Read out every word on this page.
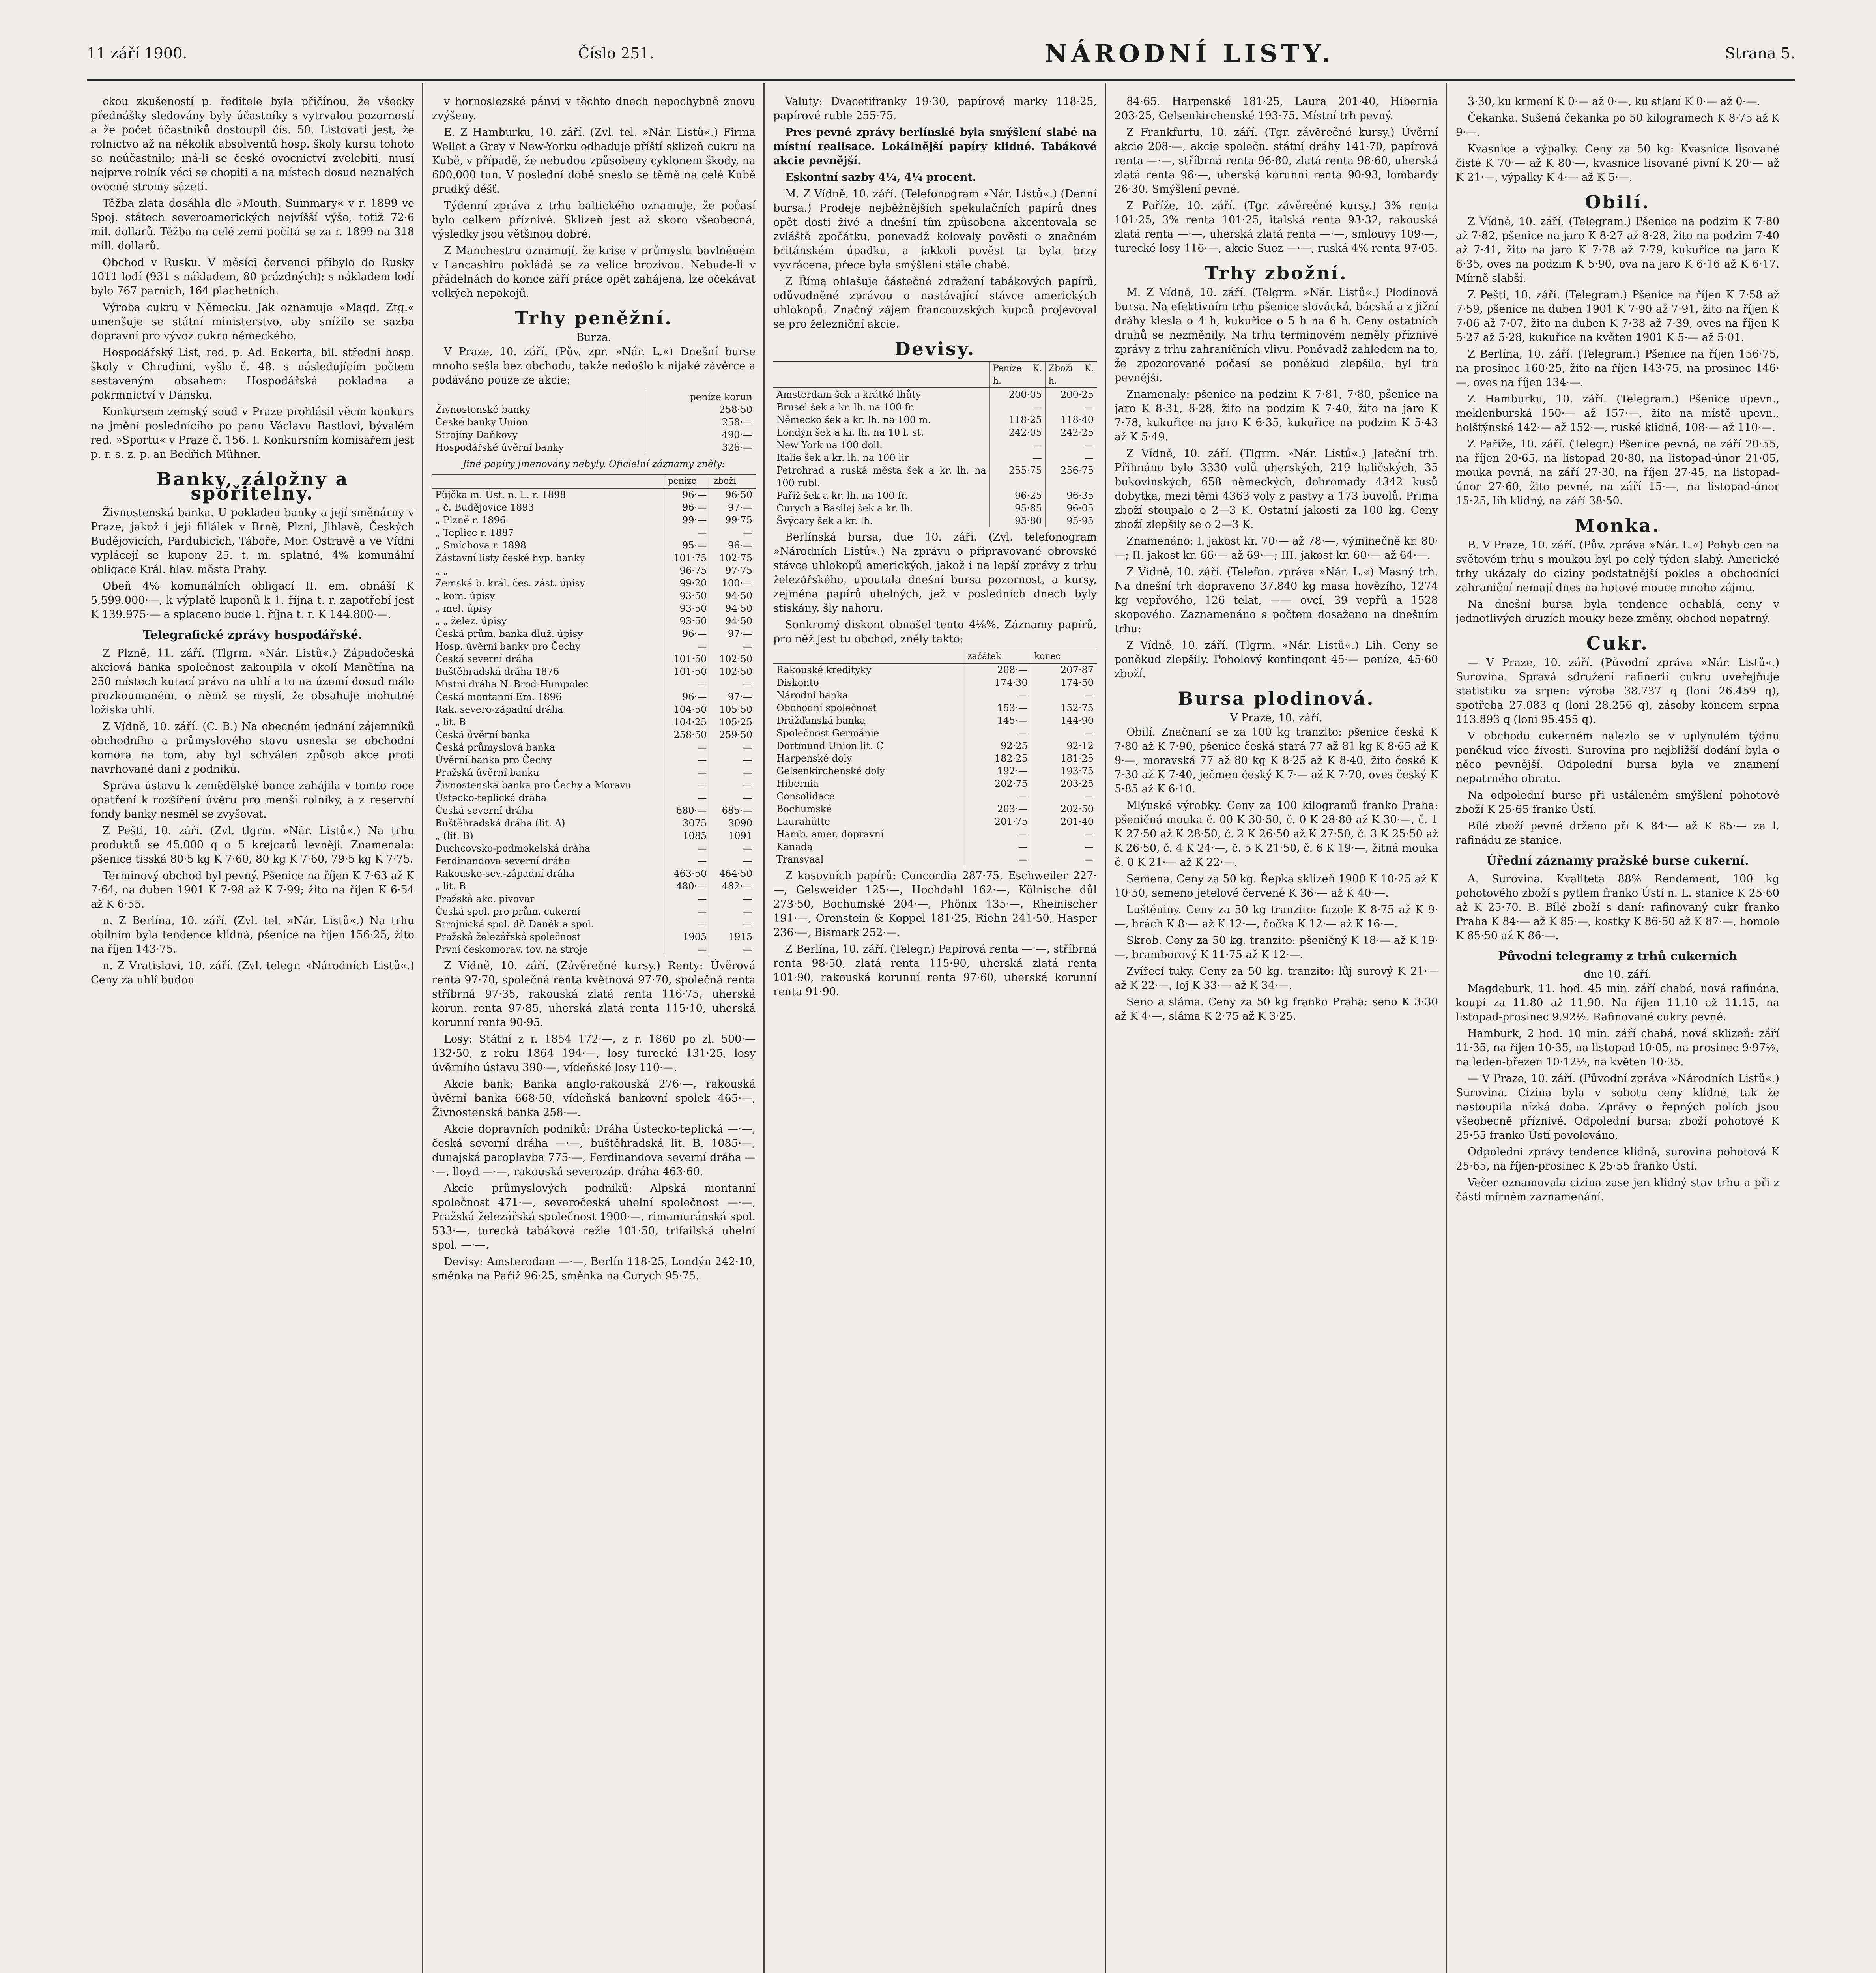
11 září 1900.	Číslo 251.	NÁRODNÍ LISTY.	Strana 5.

ckou zkušeností p. ředitele byla přičínou, že všecky přednášky sledovány byly účastníky s vytrvalou pozorností a že počet účastníků dostoupil čís. 50. Listovati jest, že rolnictvo až na několik absolventů hosp. školy kursu tohoto se neúčastnilo; má-li se české ovocnictví zvelebiti, musí nejprve rolník věci se chopiti a na místech dosud neznalých ovocné stromy sázeti.

Těžba zlata dosáhla dle »Mouth. Summary« v r. 1899 ve Spoj. státech severoamerických nejvíšší výše, totiž 72·6 mil. dollarů. Těžba na celé zemi počítá se za r. 1899 na 318 mill. dollarů.

Obchod v Rusku. V měsíci červenci přibylo do Rusky 1011 lodí (931 s nákladem, 80 prázdných); s nákladem lodí bylo 767 parních, 164 plachetních.

Výroba cukru v Německu. Jak oznamuje »Magd. Ztg.« umenšuje se státní ministerstvo, aby snížilo se sazba dopravní pro vývoz cukru německého.

Hospodářský List, red. p. Ad. Eckerta, bil. středni hosp. školy v Chrudimi, vyšlo č. 48. s následujícím počtem sestaveným obsahem: Hospodářská pokladna a pokrmnictví v Dánsku.

Konkursem zemský soud v Praze prohlásil věcm konkurs na jmění poslednícího po panu Václavu Bastlovi, bývalém red. »Sportu« v Praze č. 156. I. Konkursním komisařem jest p. r. s. z. p. an Bedřich Mühner.

Banky, záložny a spořitelny.

Živnostenská banka. U pokladen banky a její směnárny v Praze, jakož i její filiálek v Brně, Plzni, Jihlavě, Českých Budějovicích, Pardubicích, Táboře, Mor. Ostravě a ve Vídni vyplácejí se kupony 25. t. m. splatné, 4% komunální obligace Král. hlav. města Prahy.

Obeň 4% komunálních obligací II. em. obnáší K 5,599.000·—, k výplatě kuponů k 1. října t. r. zapotřebí jest K 139.975·— a splaceno bude 1. října t. r. K 144.800·—.

Telegrafické zprávy hospodářské.

Z Plzně, 11. září. (Tlgrm. »Nár. Listů«.) Západočeská akciová banka společnost zakoupila v okolí Manětína na 250 místech kutací právo na uhlí a to na území dosud málo prozkoumaném, o němž se myslí, že obsahuje mohutné ložiska uhlí.

Z Vídně, 10. září. (C. B.) Na obecném jednání zájemníků obchodního a průmyslového stavu usnesla se obchodní komora na tom, aby byl schválen způsob akce proti navrhované dani z podniků.

Správa ústavu k zemědělské bance zahájila v tomto roce opatření k rozšíření úvěru pro menší rolníky, a z reservní fondy banky nesměl se zvyšovat.

Z Pešti, 10. září. (Zvl. tlgrm. »Nár. Listů«.) Na trhu produktů se 45.000 q o 5 krejcarů levněji. Znamenala: pšenice tisská 80·5 kg K 7·60, 80 kg K 7·60, 79·5 kg K 7·75.

Terminový obchod byl pevný. Pšenice na říjen K 7·63 až K 7·64, na duben 1901 K 7·98 až K 7·99; žito na říjen K 6·54 až K 6·55.

n. Z Berlína, 10. září. (Zvl. tel. »Nár. Listů«.) Na trhu obilním byla tendence klidná, pšenice na říjen 156·25, žito na říjen 143·75.

n. Z Vratislavi, 10. září. (Zvl. telegr. »Národních Listů«.) Ceny za uhlí budou

v hornoslezské pánvi v těchto dnech nepochybně znovu zvýšeny.

E. Z Hamburku, 10. září. (Zvl. tel. »Nár. Listů«.) Firma Wellet a Gray v New-Yorku odhaduje příští sklizeň cukru na Kubě, v případě, že nebudou způsobeny cyklonem škody, na 600.000 tun. V poslední době sneslo se těmě na celé Kubě prudký déšť.

Týdenní zpráva z trhu baltického oznamuje, že počasí bylo celkem příznivé. Sklizeň jest až skoro všeobecná, výsledky jsou většinou dobré.

Z Manchestru oznamují, že krise v průmyslu bavlněném v Lancashiru pokládá se za velice brozivou. Nebude-li v přádelnách do konce září práce opět zahájena, lze očekávat velkých nepokojů.

Trhy peněžní.
Burza.

V Praze, 10. září. (Pův. zpr. »Nár. L.«) Dnešní burse mnoho sešla bez obchodu, takže nedošlo k nijaké závěrce a podáváno pouze ze akcie:

	peníze korun
Živnostenské banky	258·50
České banky Union	258·—
Strojíny Daňkovy	490·—
Hospodářské úvěrní banky	326·—
Jiné papíry jmenovány nebyly. Oficielní záznamy zněly:
	peníze	zboží
Půjčka m. Úst. n. L. r. 1898	96·—	96·50
„ č. Budějovice 1893	96·—	97·—
„ Plzně r. 1896	99·—	99·75
„ Teplice r. 1887	—	—
„ Smíchova r. 1898	95·—	96·—
Zástavní listy české hyp. banky	101·75	102·75
„ „	96·75	97·75
Zemská b. král. čes. zást. úpisy	99·20	100·—
„ kom. úpisy	93·50	94·50
„ mel. úpisy	93·50	94·50
„ „ želez. úpisy	93·50	94·50
Česká prům. banka dluž. úpisy	96·—	97·—
Hosp. úvěrní banky pro Čechy	—	—
Česká severní dráha	101·50	102·50
Buštěhradská dráha 1876	101·50	102·50
Místní dráha N. Brod-Humpolec	—	—
Česká montanní Em. 1896	96·—	97·—
Rak. severo-západní dráha	104·50	105·50
„ lit. B	104·25	105·25
Česká úvěrní banka	258·50	259·50
Česká průmyslová banka	—	—
Úvěrní banka pro Čechy	—	—
Pražská úvěrní banka	—	—
Živnostenská banka pro Čechy a Moravu	—	—
Ústecko-teplická dráha	—	—
Česká severní dráha	680·—	685·—
Buštěhradská dráha (lit. A)	3075	3090
„ (lit. B)	1085	1091
Duchcovsko-podmokelská dráha	—	—
Ferdinandova severní dráha	—	—
Rakousko-sev.-západní dráha	463·50	464·50
„ lit. B	480·—	482·—
Pražská akc. pivovar	—	—
Česká spol. pro prům. cukerní	—	—
Strojnická spol. dř. Daněk a spol.	—	—
Pražská železářská společnost	1905	1915
První českomorav. tov. na stroje	—	—

Z Vídně, 10. září. (Závěrečné kursy.) Renty: Úvěrová renta 97·70, společná renta květnová 97·70, společná renta stříbrná 97·35, rakouská zlatá renta 116·75, uherská korun. renta 97·85, uherská zlatá renta 115·10, uherská korunní renta 90·95.

Losy: Státní z r. 1854 172·—, z r. 1860 po zl. 500·— 132·50, z roku 1864 194·—, losy turecké 131·25, losy úvěrního ústavu 390·—, vídeňské losy 110·—.

Akcie bank: Banka anglo-rakouská 276·—, rakouská úvěrní banka 668·50, vídeňská bankovní spolek 465·—, Živnostenská banka 258·—.

Akcie dopravních podniků: Dráha Ústecko-teplická —·—, česká severní dráha —·—, buštěhradská lit. B. 1085·—, dunajská paroplavba 775·—, Ferdinandova severní dráha —·—, lloyd —·—, rakouská severozáp. dráha 463·60.

Akcie průmyslových podniků: Alpská montanní společnost 471·—, severočeská uhelní společnost —·—, Pražská železářská společnost 1900·—, rimamuránská spol. 533·—, turecká tabáková režie 101·50, trifailská uhelní spol. —·—.

Devisy: Amsterodam —·—, Berlín 118·25, Londýn 242·10, směnka na Paříž 96·25, směnka na Curych 95·75.

Valuty: Dvacetifranky 19·30, papírové marky 118·25, papírové ruble 255·75.

Pres pevné zprávy berlínské byla smýšlení slabé na místní realisace. Lokálnější papíry klidné. Tabákové akcie pevnější.

Eskontní sazby 4¼, 4¼ procent.

M. Z Vídně, 10. září. (Telefonogram »Nár. Listů«.) (Denní bursa.) Prodeje nejběžnějších spekulačních papírů dnes opět dosti živé a dnešní tím způsobena akcentovala se zvláště zpočátku, ponevadž kolovaly pověsti o značném británském úpadku, a jakkoli pověst ta byla brzy vyvrácena, přece byla smýšlení stále chabé.

Z Říma ohlašuje částečné zdražení tabákových papírů, odůvodněné zprávou o nastávající stávce amerických uhlokopů. Značný zájem francouzských kupců projevoval se pro železniční akcie.

Devisy.
	Peníze K. h.	Zboží K. h.
Amsterdam šek a krátké lhůty	200·05	200·25
Brusel šek a kr. lh. na 100 fr.	—	—
Německo šek a kr. lh. na 100 m.	118·25	118·40
Londýn šek a kr. lh. na 10 l. st.	242·05	242·25
New York na 100 doll.	—	—
Italie šek a kr. lh. na 100 lir	—	—
Petrohrad a ruská města šek a kr. lh. na 100 rubl.	255·75	256·75
Paříž šek a kr. lh. na 100 fr.	96·25	96·35
Curych a Basilej šek a kr. lh.	95·85	96·05
Švýcary šek a kr. lh.	95·80	95·95

Berlínská bursa, due 10. září. (Zvl. telefonogram »Národních Listů«.) Na zprávu o připravované obrovské stávce uhlokopů amerických, jakož i na lepší zprávy z trhu železářského, upoutala dnešní bursa pozornost, a kursy, zejména papírů uhelných, jež v posledních dnech byly stiskány, šly nahoru.

Sonkromý diskont obnášel tento 4⅛%. Záznamy papírů, pro něž jest tu obchod, zněly takto:

	začátek	konec
Rakouské kredityky	208·—	207·87
Diskonto	174·30	174·50
Národní banka	—	—
Obchodní společnost	153·—	152·75
Drážďanská banka	145·—	144·90
Společnost Germánie	—	—
Dortmund Union lit. C	92·25	92·12
Harpenské doly	182·25	181·25
Gelsenkirchenské doly	192·—	193·75
Hibernia	202·75	203·25
Consolidace	—	—
Bochumské	203·—	202·50
Laurahütte	201·75	201·40
Hamb. amer. dopravní	—	—
Kanada	—	—
Transvaal	—	—

Z kasovních papírů: Concordia 287·75, Eschweiler 227·—, Gelsweider 125·—, Hochdahl 162·—, Kölnische důl 273·50, Bochumské 204·—, Phönix 135·—, Rheinischer 191·—, Orenstein & Koppel 181·25, Riehn 241·50, Hasper 236·—, Bismark 252·—.

Z Berlína, 10. září. (Telegr.) Papírová renta —·—, stříbrná renta 98·50, zlatá renta 115·90, uherská zlatá renta 101·90, rakouská korunní renta 97·60, uherská korunní renta 91·90.

84·65. Harpenské 181·25, Laura 201·40, Hibernia 203·25, Gelsenkirchenské 193·75. Místní trh pevný.

Z Frankfurtu, 10. září. (Tgr. závěrečné kursy.) Úvěrní akcie 208·—, akcie společn. státní dráhy 141·70, papírová renta —·—, stříbrná renta 96·80, zlatá renta 98·60, uherská zlatá renta 96·—, uherská korunní renta 90·93, lombardy 26·30. Smýšlení pevné.

Z Paříže, 10. září. (Tgr. závěrečné kursy.) 3% renta 101·25, 3% renta 101·25, italská renta 93·32, rakouská zlatá renta —·—, uherská zlatá renta —·—, smlouvy 109·—, turecké losy 116·—, akcie Suez —·—, ruská 4% renta 97·05.

Trhy zbožní.

M. Z Vídně, 10. září. (Telgrm. »Nár. Listů«.) Plodinová bursa. Na efektivním trhu pšenice slovácká, bácská a z jižní dráhy klesla o 4 h, kukuřice o 5 h na 6 h. Ceny ostatních druhů se nezměnily. Na trhu terminovém neměly příznivé zprávy z trhu zahraničních vlivu. Poněvadž zahledem na to, že zpozorované počasí se poněkud zlepšilo, byl trh pevnější.

Znamenaly: pšenice na podzim K 7·81, 7·80, pšenice na jaro K 8·31, 8·28, žito na podzim K 7·40, žito na jaro K 7·78, kukuřice na jaro K 6·35, kukuřice na podzim K 5·43 až K 5·49.

Z Vídně, 10. září. (Tlgrm. »Nár. Listů«.) Jateční trh. Přihnáno bylo 3330 volů uherských, 219 haličských, 35 bukovinských, 658 německých, dohromady 4342 kusů dobytka, mezi těmi 4363 voly z pastvy a 173 buvolů. Prima zboží stoupalo o 2—3 K. Ostatní jakosti za 100 kg. Ceny zboží zlepšily se o 2—3 K.

Znamenáno: I. jakost kr. 70·— až 78·—, výminečně kr. 80·—; II. jakost kr. 66·— až 69·—; III. jakost kr. 60·— až 64·—.

Z Vídně, 10. září. (Telefon. zpráva »Nár. L.«) Masný trh. Na dnešní trh dopraveno 37.840 kg masa hovězího, 1274 kg vepřového, 126 telat, —— ovcí, 39 vepřů a 1528 skopového. Zaznamenáno s počtem dosaženo na dnešním trhu:

Z Vídně, 10. září. (Tlgrm. »Nár. Listů«.) Lih. Ceny se poněkud zlepšily. Poholový kontingent 45·— peníze, 45·60 zboží.

Bursa plodinová.
V Praze, 10. září.

Obilí. Značnaní se za 100 kg tranzito: pšenice česká K 7·80 až K 7·90, pšenice česká stará 77 až 81 kg K 8·65 až K 9·—, moravská 77 až 80 kg K 8·25 až K 8·40, žito české K 7·30 až K 7·40, ječmen český K 7·— až K 7·70, oves český K 5·85 až K 6·10.

Mlýnské výrobky. Ceny za 100 kilogramů franko Praha: pšeničná mouka č. 00 K 30·50, č. 0 K 28·80 až K 30·—, č. 1 K 27·50 až K 28·50, č. 2 K 26·50 až K 27·50, č. 3 K 25·50 až K 26·50, č. 4 K 24·—, č. 5 K 21·50, č. 6 K 19·—, žitná mouka č. 0 K 21·— až K 22·—.

Semena. Ceny za 50 kg. Řepka sklizeň 1900 K 10·25 až K 10·50, semeno jetelové červené K 36·— až K 40·—.

Luštěniny. Ceny za 50 kg tranzito: fazole K 8·75 až K 9·—, hrách K 8·— až K 12·—, čočka K 12·— až K 16·—.

Skrob. Ceny za 50 kg. tranzito: pšeničný K 18·— až K 19·—, bramborový K 11·75 až K 12·—.

Zvířecí tuky. Ceny za 50 kg. tranzito: lůj surový K 21·— až K 22·—, loj K 33·— až K 34·—.

Seno a sláma. Ceny za 50 kg franko Praha: seno K 3·30 až K 4·—, sláma K 2·75 až K 3·25.

3·30, ku krmení K 0·— až 0·—, ku stlaní K 0·— až 0·—.

Čekanka. Sušená čekanka po 50 kilogramech K 8·75 až K 9·—.

Kvasnice a výpalky. Ceny za 50 kg: Kvasnice lisované čisté K 70·— až K 80·—, kvasnice lisované pivní K 20·— až K 21·—, výpalky K 4·— až K 5·—.

Obilí.

Z Vídně, 10. září. (Telegram.) Pšenice na podzim K 7·80 až 7·82, pšenice na jaro K 8·27 až 8·28, žito na podzim 7·40 až 7·41, žito na jaro K 7·78 až 7·79, kukuřice na jaro K 6·35, oves na podzim K 5·90, ova na jaro K 6·16 až K 6·17. Mírně slabší.

Z Pešti, 10. září. (Telegram.) Pšenice na říjen K 7·58 až 7·59, pšenice na duben 1901 K 7·90 až 7·91, žito na říjen K 7·06 až 7·07, žito na duben K 7·38 až 7·39, oves na říjen K 5·27 až 5·28, kukuřice na květen 1901 K 5·— až 5·01.

Z Berlína, 10. září. (Telegram.) Pšenice na říjen 156·75, na prosinec 160·25, žito na říjen 143·75, na prosinec 146·—, oves na říjen 134·—.

Z Hamburku, 10. září. (Telegram.) Pšenice upevn., meklenburská 150·— až 157·—, žito na místě upevn., holštýnské 142·— až 152·—, ruské klidné, 108·— až 110·—.

Z Paříže, 10. září. (Telegr.) Pšenice pevná, na září 20·55, na říjen 20·65, na listopad 20·80, na listopad-únor 21·05, mouka pevná, na září 27·30, na říjen 27·45, na listopad-únor 27·60, žito pevné, na září 15·—, na listopad-únor 15·25, líh klidný, na září 38·50.

Monka.

B. V Praze, 10. září. (Pův. zpráva »Nár. L.«) Pohyb cen na světovém trhu s moukou byl po celý týden slabý. Americké trhy ukázaly do ciziny podstatnější pokles a obchodníci zahraniční nemají dnes na hotové mouce mnoho zájmu.

Na dnešní bursa byla tendence ochablá, ceny v jednotlivých druzích mouky beze změny, obchod nepatrný.

Cukr.

— V Praze, 10. září. (Původní zpráva »Nár. Listů«.) Surovina. Spravá sdružení rafinerií cukru uveřejňuje statistiku za srpen: výroba 38.737 q (loni 26.459 q), spotřeba 27.083 q (loni 28.256 q), zásoby koncem srpna 113.893 q (loni 95.455 q).

V obchodu cukerném nalezlo se v uplynulém týdnu poněkud více živosti. Surovina pro nejbližší dodání byla o něco pevnější. Odpolední bursa byla ve znamení nepatrného obratu.

Na odpolední burse při ustáleném smýšlení pohotové zboží K 25·65 franko Ústí.

Bílé zboží pevné drženo při K 84·— až K 85·— za l. rafinádu ze stanice.

Úřední záznamy pražské burse cukerní.

A. Surovina. Kvaliteta 88% Rendement, 100 kg pohotového zboží s pytlem franko Ústí n. L. stanice K 25·60 až K 25·70. B. Bílé zboží s daní: rafinovaný cukr franko Praha K 84·— až K 85·—, kostky K 86·50 až K 87·—, homole K 85·50 až K 86·—.

Původní telegramy z trhů cukerních
dne 10. září.

Magdeburk, 11. hod. 45 min. září chabé, nová rafinéna, koupí za 11.80 až 11.90. Na říjen 11.10 až 11.15, na listopad-prosinec 9.92½. Rafinované cukry pevné.

Hamburk, 2 hod. 10 min. září chabá, nová sklizeň: září 11·35, na říjen 10·35, na listopad 10·05, na prosinec 9·97½, na leden-březen 10·12½, na květen 10·35.

— V Praze, 10. září. (Původní zpráva »Národních Listů«.) Surovina. Cizina byla v sobotu ceny klidné, tak že nastoupila nízká doba. Zprávy o řepných polích jsou všeobecně příznivé. Odpolední bursa: zboží pohotové K 25·55 franko Ústí povolováno.

Odpolední zprávy tendence klidná, surovina pohotová K 25·65, na říjen-prosinec K 25·55 franko Ústí.

Večer oznamovala cizina zase jen klidný stav trhu a při z části mírném zaznamenání.
